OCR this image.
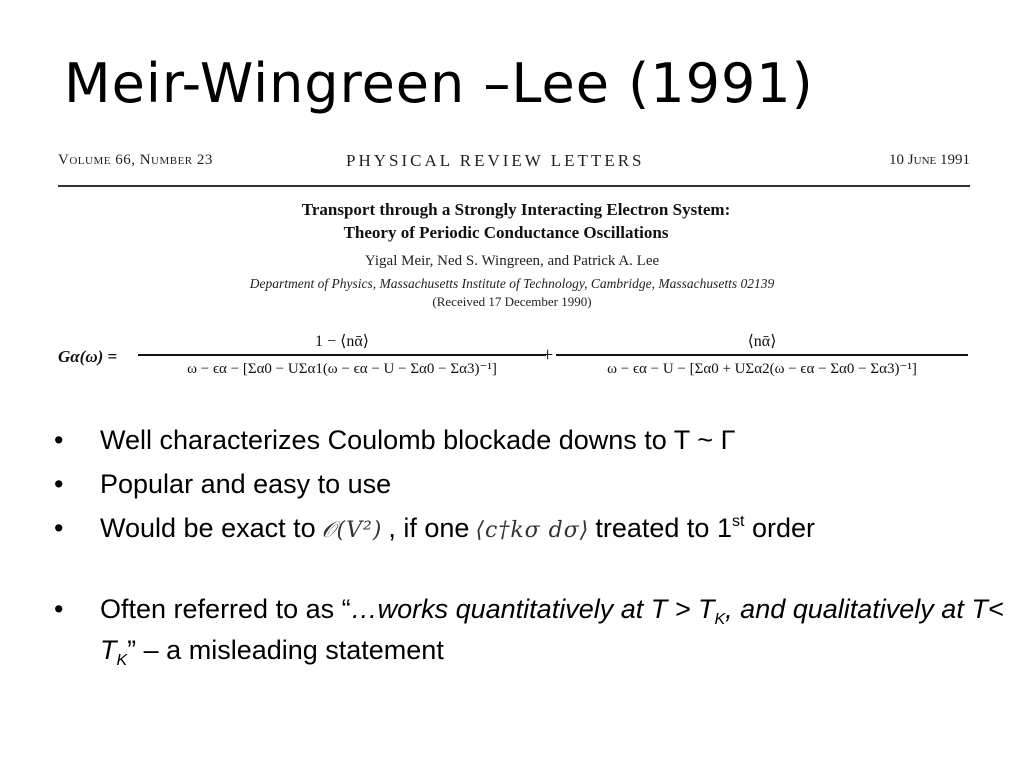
Meir-Wingreen –Lee (1991)
Volume 66, Number 23	PHYSICAL REVIEW LETTERS	10 June 1991
Transport through a Strongly Interacting Electron System:
Theory of Periodic Conductance Oscillations
Yigal Meir, Ned S. Wingreen, and Patrick A. Lee
Department of Physics, Massachusetts Institute of Technology, Cambridge, Massachusetts 02139
(Received 17 December 1990)
Gα(ω) =
1 − ⟨nᾱ⟩
ω − ϵα − [Σα0 − UΣα1(ω − ϵα − U − Σα0 − Σα3)⁻¹]
+
⟨nᾱ⟩
ω − ϵα − U − [Σα0 + UΣα2(ω − ϵα − Σα0 − Σα3)⁻¹]
• Well characterizes Coulomb blockade downs to T ~ Γ
• Popular and easy to use
• Would be exact to 𝒪(V²) , if one ⟨c†kσ dσ⟩ treated to 1st order
• Often referred to as “…works quantitatively at $T > T_K$, and qualitatively at $T< T_K$” – a misleading statement
